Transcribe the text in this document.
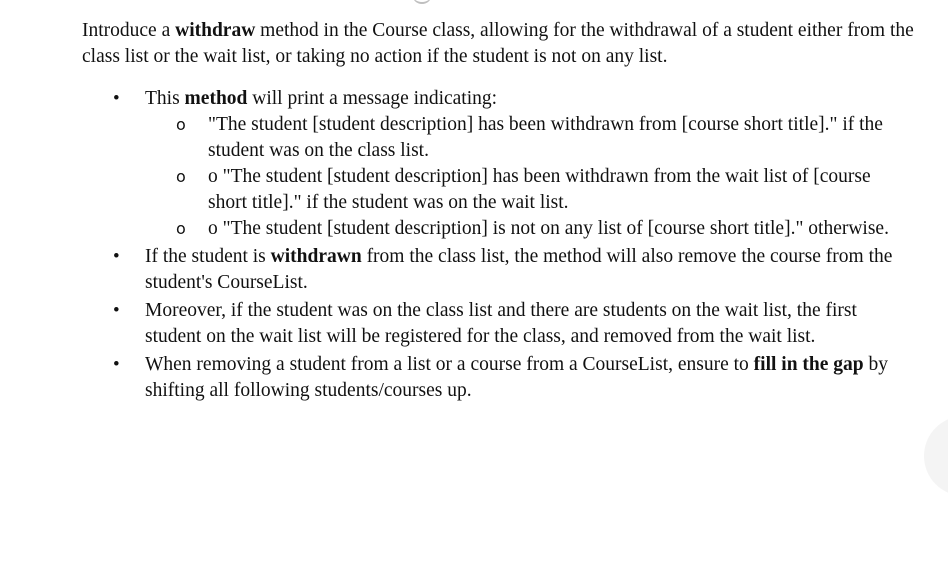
Introduce a withdraw method in the Course class, allowing for the withdrawal of a student either from the class list or the wait list, or taking no action if the student is not on any list.

• This method will print a message indicating:
o "The student [student description] has been withdrawn from [course short title]." if the student was on the class list.
o o "The student [student description] has been withdrawn from the wait list of [course short title]." if the student was on the wait list.
o o "The student [student description] is not on any list of [course short title]." otherwise.
• If the student is withdrawn from the class list, the method will also remove the course from the student's CourseList.
• Moreover, if the student was on the class list and there are students on the wait list, the first student on the wait list will be registered for the class, and removed from the wait list.
• When removing a student from a list or a course from a CourseList, ensure to fill in the gap by shifting all following students/courses up.
